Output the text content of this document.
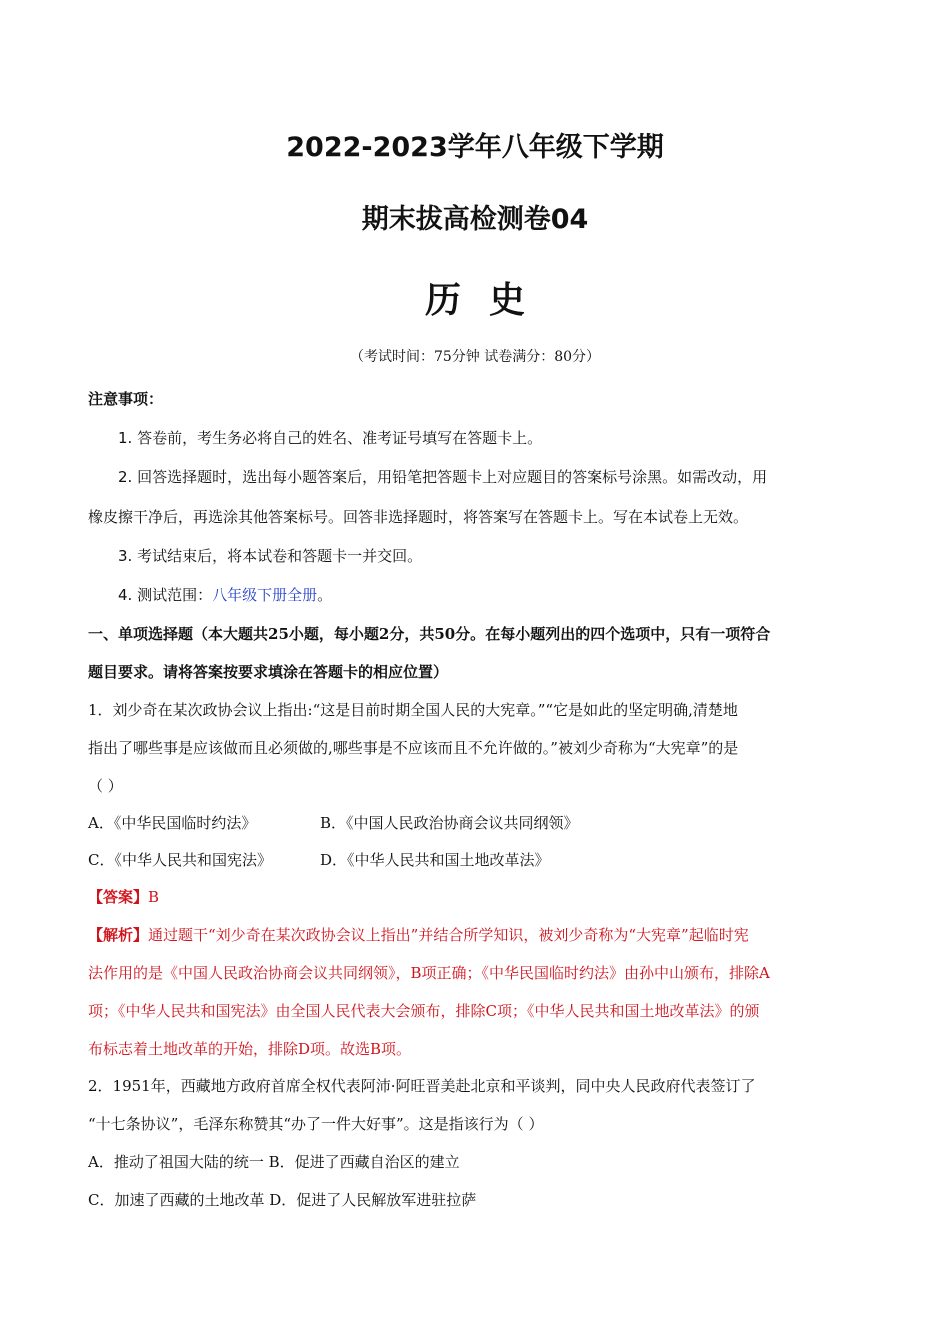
2022-2023学年八年级下学期
期末拔高检测卷04
历史
（考试时间：75分钟 试卷满分：80分）
注意事项：
1. 答卷前，考生务必将自己的姓名、准考证号填写在答题卡上。
2. 回答选择题时，选出每小题答案后，用铅笔把答题卡上对应题目的答案标号涂黑。如需改动，用
橡皮擦干净后，再选涂其他答案标号。回答非选择题时，将答案写在答题卡上。写在本试卷上无效。
3. 考试结束后，将本试卷和答题卡一并交回。
4. 测试范围：八年级下册全册。
一、单项选择题（本大题共25小题，每小题2分，共50分。在每小题列出的四个选项中，只有一项符合
题目要求。请将答案按要求填涂在答题卡的相应位置）
1．刘少奇在某次政协会议上指出:“这是目前时期全国人民的大宪章。”“它是如此的坚定明确,清楚地
指出了哪些事是应该做而且必须做的,哪些事是不应该而且不允许做的。”被刘少奇称为“大宪章”的是
（ ）
A．《中华民国临时约法》	B．《中国人民政治协商会议共同纲领》
C．《中华人民共和国宪法》	D．《中华人民共和国土地改革法》
【答案】B
【解析】通过题干“刘少奇在某次政协会议上指出”并结合所学知识，被刘少奇称为“大宪章”起临时宪
法作用的是《中国人民政治协商会议共同纲领》，B项正确；《中华民国临时约法》由孙中山颁布，排除A
项；《中华人民共和国宪法》由全国人民代表大会颁布，排除C项；《中华人民共和国土地改革法》的颁
布标志着土地改革的开始，排除D项。故选B项。
2．1951年，西藏地方政府首席全权代表阿沛·阿旺晋美赴北京和平谈判，同中央人民政府代表签订了
“十七条协议”，毛泽东称赞其“办了一件大好事”。这是指该行为（ ）
A．推动了祖国大陆的统一 B．促进了西藏自治区的建立
C．加速了西藏的土地改革 D．促进了人民解放军进驻拉萨
